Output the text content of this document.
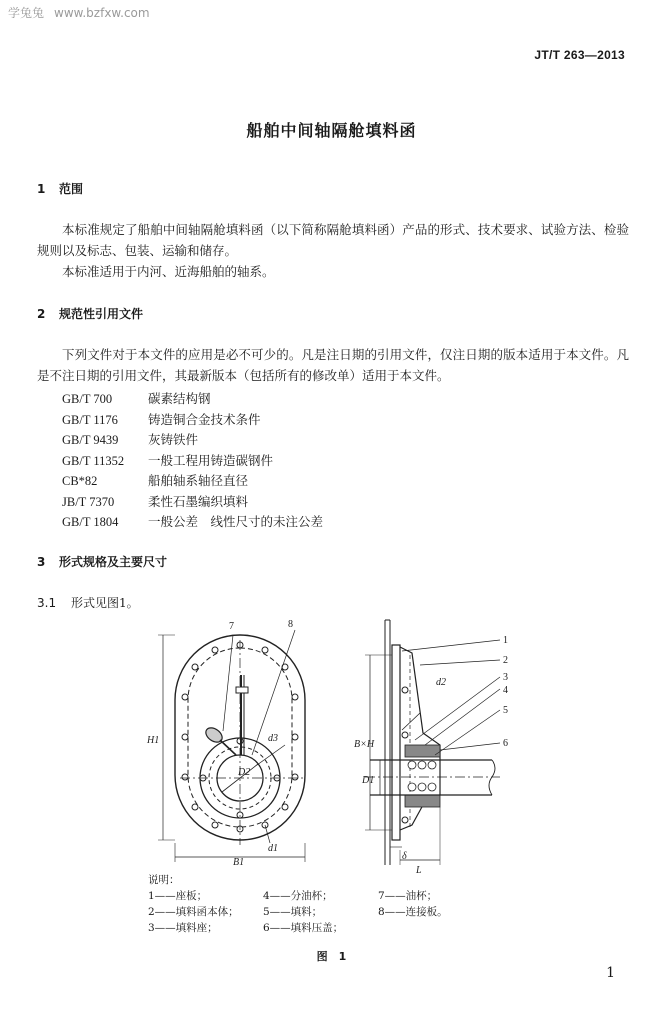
学兔兔 www.bzfxw.com
JT/T 263—2013
船舶中间轴隔舱填料函
1 范围
本标准规定了船舶中间轴隔舱填料函（以下简称隔舱填料函）产品的形式、技术要求、试验方法、检验规则以及标志、包装、运输和储存。
本标准适用于内河、近海船舶的轴系。
2 规范性引用文件
下列文件对于本文件的应用是必不可少的。凡是注日期的引用文件，仅注日期的版本适用于本文件。凡是不注日期的引用文件，其最新版本（包括所有的修改单）适用于本文件。
GB/T 700	碳素结构钢
GB/T 1176 铸造铜合金技术条件
GB/T 9439 灰铸铁件
GB/T 11352 一般工程用铸造碳钢件
CB*82	船舶轴系轴径直径
JB/T 7370	柔性石墨编织填料
GB/T 1804 一般公差　线性尺寸的未注公差
3 形式规格及主要尺寸
3.1 形式见图1。
7	8
H1
B1
D2
d1
d3
d2
B×H
D1
L
δ
1
2
3
4
5
6
说明：
1——座板；	4——分油杯；	7——油杯；
2——填料函本体； 5——填料；	8——连接板。
3——填料座；	6——填料压盖；
图　1
1
